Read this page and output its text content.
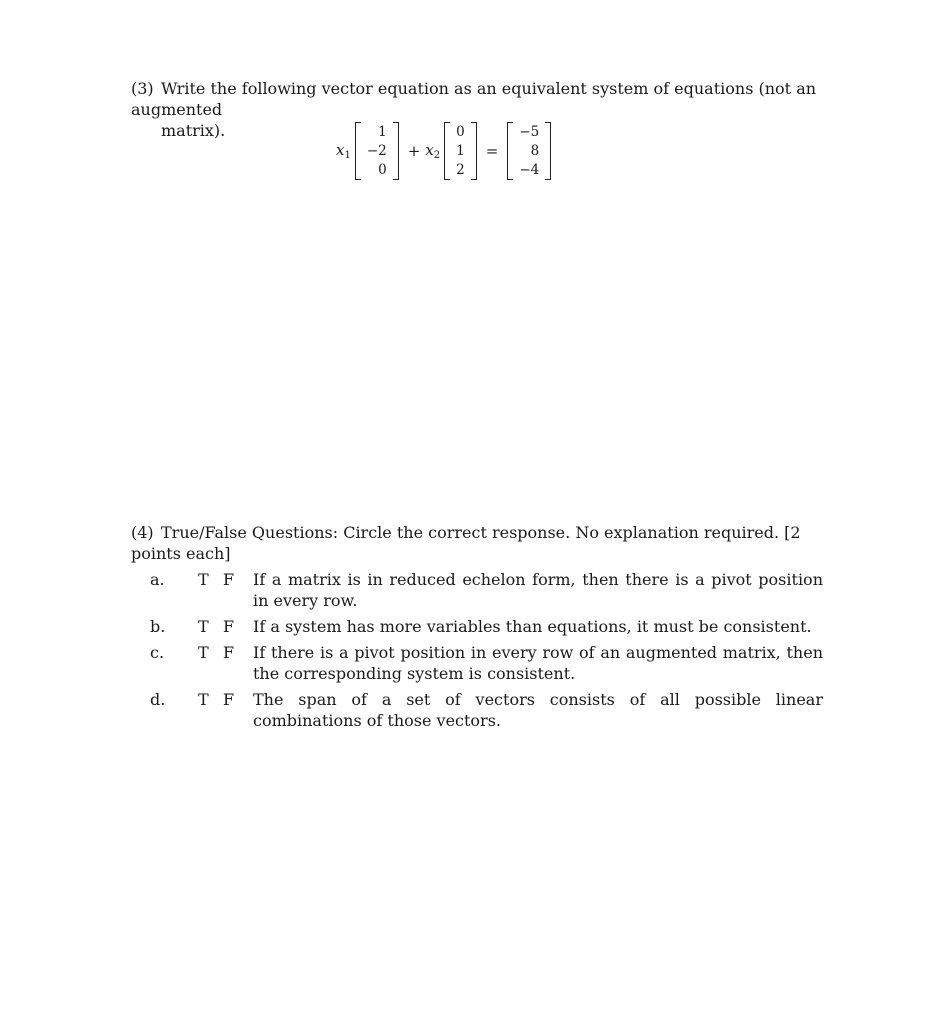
(3) Write the following vector equation as an equivalent system of equations (not an augmented
matrix).
$x_1$
1
−2
0
+ $x_2$
0
1
2
=
−5
8
−4
(4) True/False Questions: Circle the correct response. No explanation required. [2 points each]
a.	T F	If a matrix is in reduced echelon form, then there is a pivot position in every row.
b.	T F	If a system has more variables than equations, it must be consistent.
c.	T F	If there is a pivot position in every row of an augmented matrix, then the corresponding system is consistent.
d.	T F	The span of a set of vectors consists of all possible linear combinations of those vectors.
